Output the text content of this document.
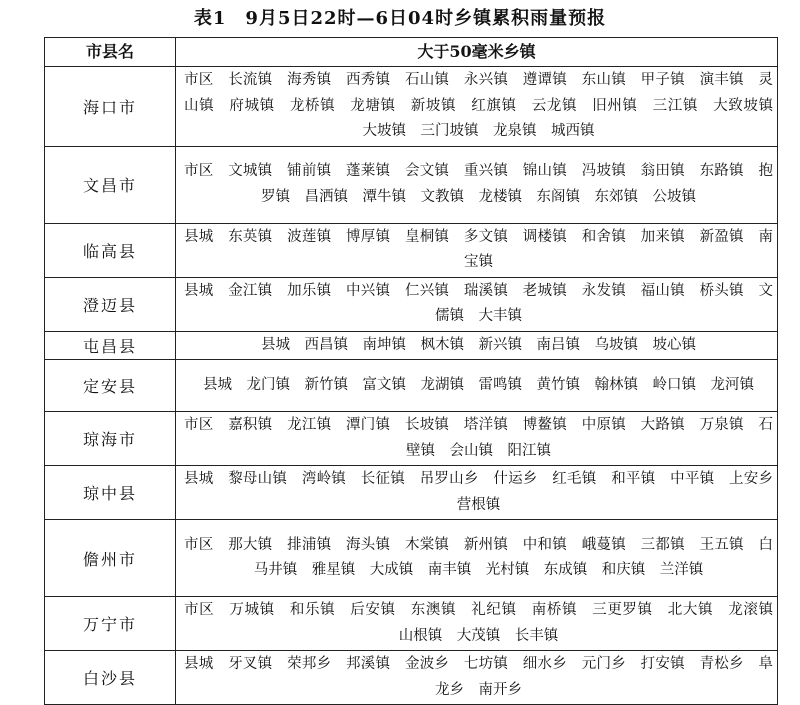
表1　9月5日22时—6日04时乡镇累积雨量预报
市县名	大于50毫米乡镇
海口市	市区　长流镇　海秀镇　西秀镇　石山镇　永兴镇　遵谭镇　东山镇　甲子镇　演丰镇　灵山镇　府城镇　龙桥镇　龙塘镇　新坡镇　红旗镇　云龙镇　旧州镇　三江镇　大致坡镇　大坡镇　三门坡镇　龙泉镇　城西镇
文昌市	市区　文城镇　铺前镇　蓬莱镇　会文镇　重兴镇　锦山镇　冯坡镇　翁田镇　东路镇　抱罗镇　昌洒镇　潭牛镇　文教镇　龙楼镇　东阁镇　东郊镇　公坡镇
临高县	县城　东英镇　波莲镇　博厚镇　皇桐镇　多文镇　调楼镇　和舍镇　加来镇　新盈镇　南宝镇
澄迈县	县城　金江镇　加乐镇　中兴镇　仁兴镇　瑞溪镇　老城镇　永发镇　福山镇　桥头镇　文儒镇　大丰镇
屯昌县	县城　西昌镇　南坤镇　枫木镇　新兴镇　南吕镇　乌坡镇　坡心镇
定安县	县城　龙门镇　新竹镇　富文镇　龙湖镇　雷鸣镇　黄竹镇　翰林镇　岭口镇　龙河镇
琼海市	市区　嘉积镇　龙江镇　潭门镇　长坡镇　塔洋镇　博鳌镇　中原镇　大路镇　万泉镇　石壁镇　会山镇　阳江镇
琼中县	县城　黎母山镇　湾岭镇　长征镇　吊罗山乡　什运乡　红毛镇　和平镇　中平镇　上安乡　营根镇
儋州市	市区　那大镇　排浦镇　海头镇　木棠镇　新州镇　中和镇　峨蔓镇　三都镇　王五镇　白马井镇　雅星镇　大成镇　南丰镇　光村镇　东成镇　和庆镇　兰洋镇
万宁市	市区　万城镇　和乐镇　后安镇　东澳镇　礼纪镇　南桥镇　三更罗镇　北大镇　龙滚镇　山根镇　大茂镇　长丰镇
白沙县	县城　牙叉镇　荣邦乡　邦溪镇　金波乡　七坊镇　细水乡　元门乡　打安镇　青松乡　阜龙乡　南开乡
